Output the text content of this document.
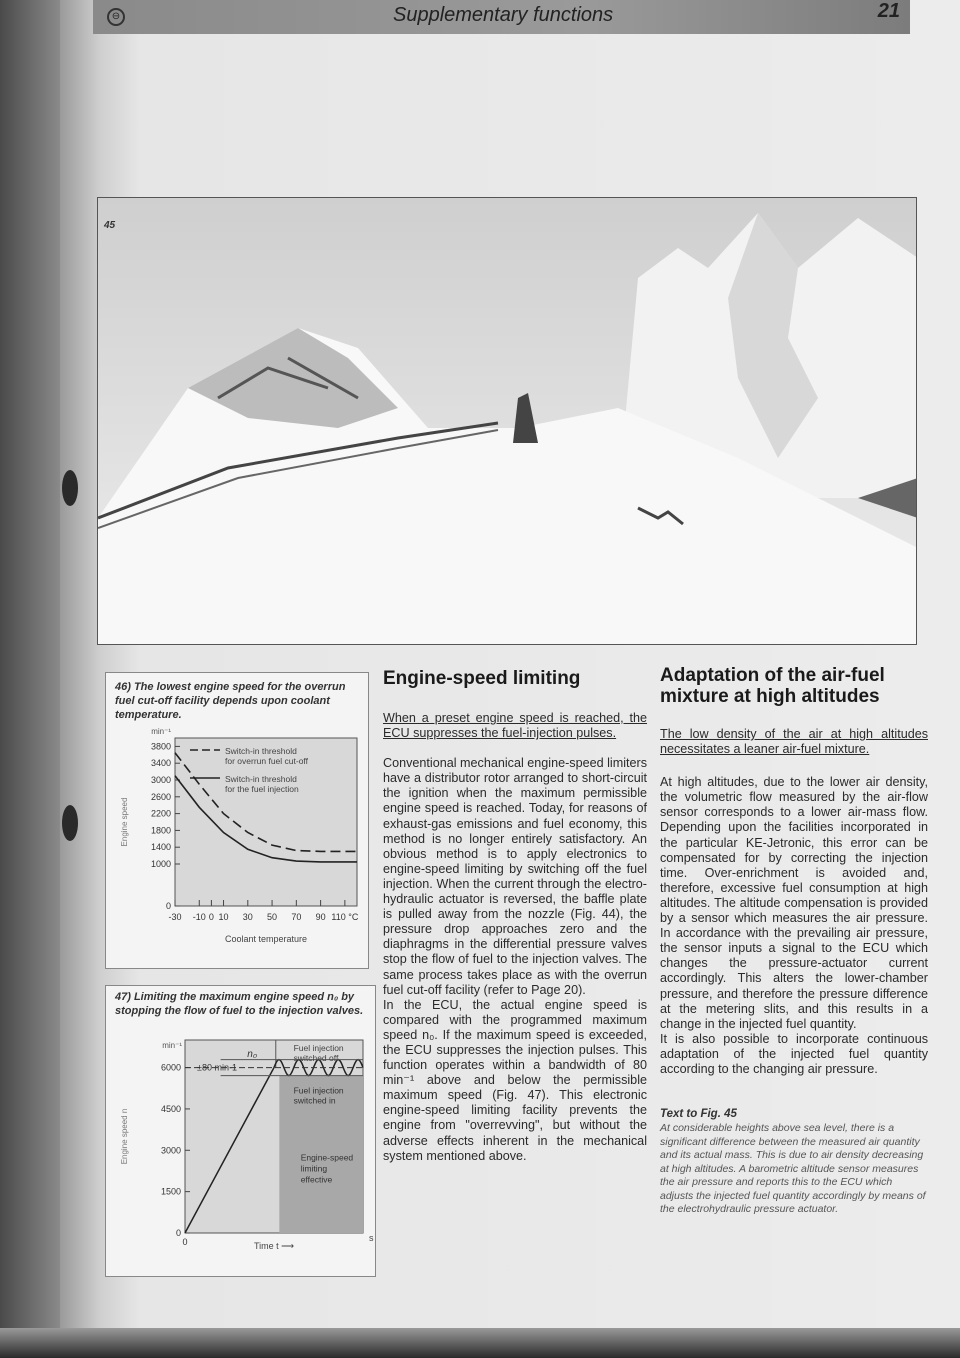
⊖	Supplementary functions	21
45
46) The lowest engine speed for the overrun fuel cut-off facility depends upon coolant temperature.
min⁻¹
0
1000
1400
1800
2200
2600
3000
3400
3800
-30 -10 0 10 30 50 70 90 110 °C
Coolant temperature
Engine speed
Switch-in threshold
for overrun fuel cut-off
Switch-in threshold
for the fuel injection
47) Limiting the maximum engine speed n₀ by stopping the flow of fuel to the injection valves.
min⁻¹
0
1500
3000
4500
6000
0	Time t ⟶
s
Engine speed n
±80 min-1
n₀
Fuel injection
switched off
Fuel injection
switched in
Engine-speed
limiting
effective
Engine-speed limiting

When a preset engine speed is reached, the ECU suppresses the fuel-injection pulses.

Conventional mechanical engine-speed limiters have a distributor rotor arranged to short-circuit the ignition when the maximum permissible engine speed is reached. Today, for reasons of exhaust-gas emissions and fuel economy, this method is no longer entirely satisfactory. An obvious method is to apply electronics to engine-speed limiting by switching off the fuel injection. When the current through the electro-hydraulic actuator is reversed, the baffle plate is pulled away from the nozzle (Fig. 44), the pressure drop approaches zero and the diaphragms in the differential pressure valves stop the flow of fuel to the injection valves. The same process takes place as with the overrun fuel cut-off facility (refer to Page 20).

In the ECU, the actual engine speed is compared with the programmed maximum speed n₀. If the maximum speed is exceeded, the ECU suppresses the injection pulses. This function operates within a bandwidth of 80 min⁻¹ above and below the permissible maximum speed (Fig. 47). This electronic engine-speed limiting facility prevents the engine from "overrevving", but without the adverse effects inherent in the mechanical system mentioned above.

Adaptation of the air-fuel mixture at high altitudes

The low density of the air at high altitudes necessitates a leaner air-fuel mixture.

At high altitudes, due to the lower air density, the volumetric flow measured by the air-flow sensor corresponds to a lower air-mass flow. Depending upon the facilities incorporated in the particular KE-Jetronic, this error can be compensated for by correcting the injection time. Over-enrichment is avoided and, therefore, excessive fuel consumption at high altitudes. The altitude compensation is provided by a sensor which measures the air pressure. In accordance with the prevailing air pressure, the sensor inputs a signal to the ECU which changes the pressure-actuator current accordingly. This alters the lower-chamber pressure, and therefore the pressure difference at the metering slits, and this results in a change in the injected fuel quantity.

It is also possible to incorporate continuous adaptation of the injected fuel quantity according to the changing air pressure.

Text to Fig. 45

At considerable heights above sea level, there is a significant difference between the measured air quantity and its actual mass. This is due to air density decreasing at high altitudes. A barometric altitude sensor measures the air pressure and reports this to the ECU which adjusts the injected fuel quantity accordingly by means of the electrohydraulic pressure actuator.
